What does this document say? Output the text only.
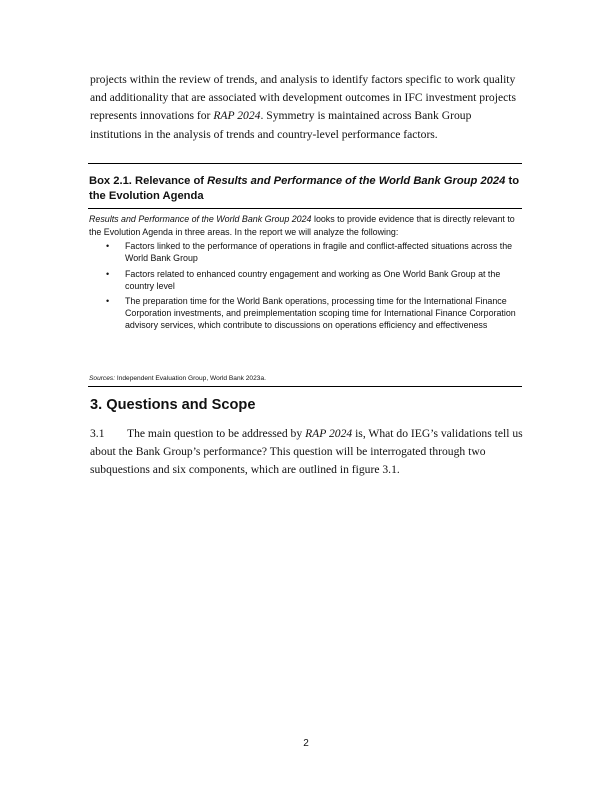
projects within the review of trends, and analysis to identify factors specific to work quality and additionality that are associated with development outcomes in IFC investment projects represents innovations for RAP 2024. Symmetry is maintained across Bank Group institutions in the analysis of trends and country-level performance factors.

Box 2.1. Relevance of Results and Performance of the World Bank Group 2024 to the Evolution Agenda
Results and Performance of the World Bank Group 2024 looks to provide evidence that is directly relevant to the Evolution Agenda in three areas. In the report we will analyze the following:
• Factors linked to the performance of operations in fragile and conflict-affected situations across the World Bank Group
• Factors related to enhanced country engagement and working as One World Bank Group at the country level
• The preparation time for the World Bank operations, processing time for the International Finance Corporation investments, and preimplementation scoping time for International Finance Corporation advisory services, which contribute to discussions on operations efficiency and effectiveness
Sources: Independent Evaluation Group, World Bank 2023a.
3. Questions and Scope

3.1 The main question to be addressed by RAP 2024 is, What do IEG’s validations tell us about the Bank Group’s performance? This question will be interrogated through two subquestions and six components, which are outlined in figure 3.1.

2
